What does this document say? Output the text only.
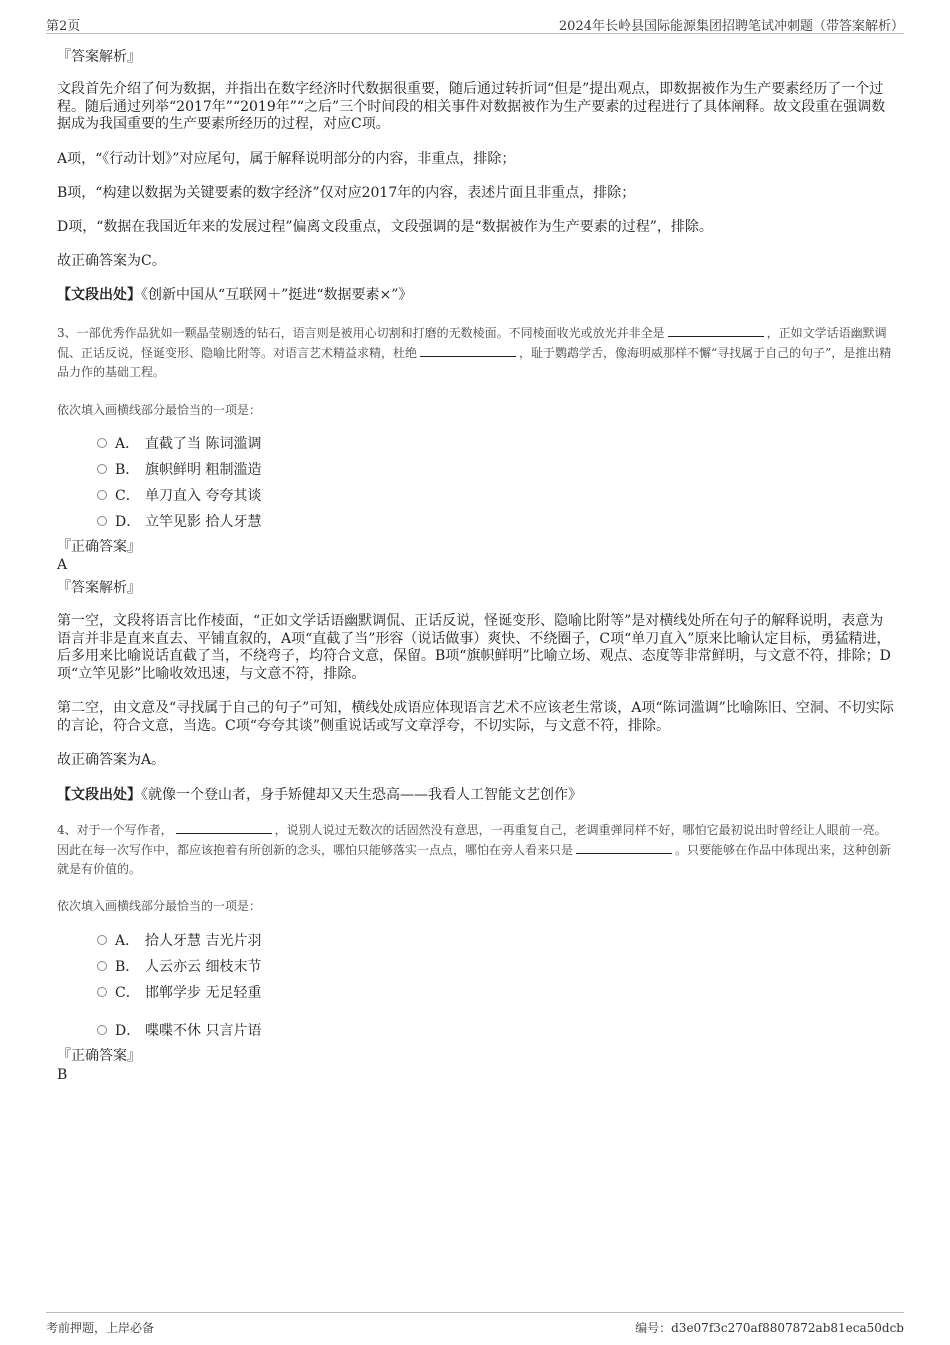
第2页	2024年长岭县国际能源集团招聘笔试冲刺题（带答案解析）
『答案解析』

文段首先介绍了何为数据，并指出在数字经济时代数据很重要，随后通过转折词“但是”提出观点，即数据被作为生产要素经历了一个过程。随后通过列举“2017年”“2019年”“之后”三个时间段的相关事件对数据被作为生产要素的过程进行了具体阐释。故文段重在强调数据成为我国重要的生产要素所经历的过程，对应C项。

A项，“《行动计划》”对应尾句，属于解释说明部分的内容，非重点，排除；

B项，“构建以数据为关键要素的数字经济”仅对应2017年的内容，表述片面且非重点，排除；

D项，“数据在我国近年来的发展过程”偏离文段重点，文段强调的是“数据被作为生产要素的过程”，排除。

故正确答案为C。

【文段出处】《创新中国从“互联网＋”挺进“数据要素×”》

3、一部优秀作品犹如一颗晶莹剔透的钻石，语言则是被用心切割和打磨的无数棱面。不同棱面收光或放光并非全是	，正如文学话语幽默调侃、正话反说，怪诞变形、隐喻比附等。对语言艺术精益求精，杜绝	，耻于鹦鹉学舌，像海明威那样不懈“寻找属于自己的句子”，是推出精品力作的基础工程。
依次填入画横线部分最恰当的一项是：
A． 直截了当 陈词滥调
B． 旗帜鲜明 粗制滥造
C． 单刀直入 夸夸其谈
D． 立竿见影 拾人牙慧
『正确答案』
A
『答案解析』

第一空，文段将语言比作棱面，“正如文学话语幽默调侃、正话反说，怪诞变形、隐喻比附等”是对横线处所在句子的解释说明，表意为语言并非是直来直去、平铺直叙的，A项“直截了当”形容（说话做事）爽快、不绕圈子，C项“单刀直入”原来比喻认定目标，勇猛精进，后多用来比喻说话直截了当，不绕弯子，均符合文意，保留。B项“旗帜鲜明”比喻立场、观点、态度等非常鲜明，与文意不符，排除；D项“立竿见影”比喻收效迅速，与文意不符，排除。

第二空，由文意及“寻找属于自己的句子”可知，横线处成语应体现语言艺术不应该老生常谈，A项“陈词滥调”比喻陈旧、空洞、不切实际的言论，符合文意，当选。C项“夸夸其谈”侧重说话或写文章浮夸，不切实际，与文意不符，排除。

故正确答案为A。

【文段出处】《就像一个登山者，身手矫健却又天生恐高——我看人工智能文艺创作》

4、对于一个写作者，	，说别人说过无数次的话固然没有意思，一再重复自己，老调重弹同样不好，哪怕它最初说出时曾经让人眼前一亮。因此在每一次写作中，都应该抱着有所创新的念头，哪怕只能够落实一点点，哪怕在旁人看来只是	。只要能够在作品中体现出来，这种创新就是有价值的。
依次填入画横线部分最恰当的一项是：
A． 拾人牙慧 吉光片羽
B． 人云亦云 细枝末节
C． 邯郸学步 无足轻重
D． 喋喋不休 只言片语
『正确答案』
B
考前押题，上岸必备	编号：d3e07f3c270af8807872ab81eca50dcb
